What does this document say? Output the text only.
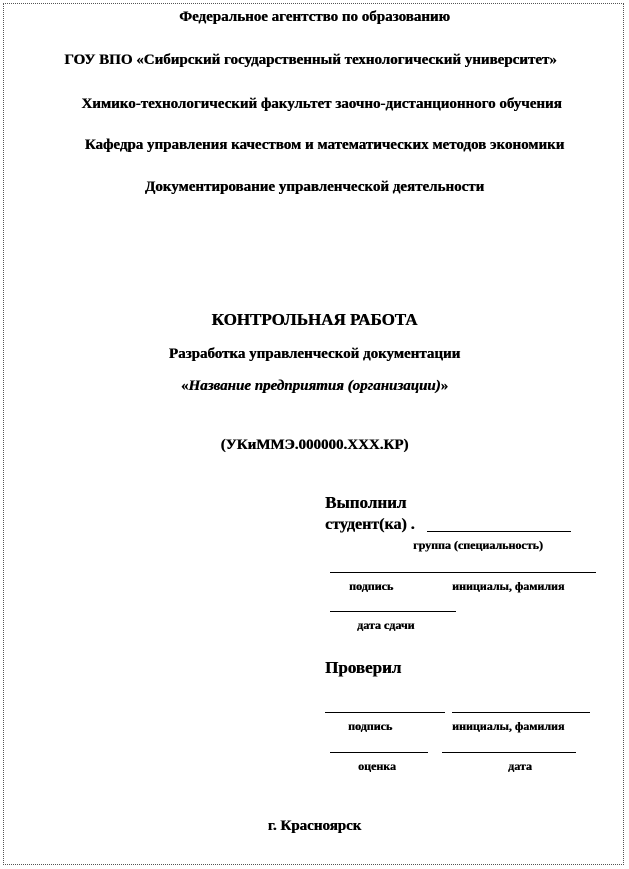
Федеральное агентство по образованию
ГОУ ВПО «Сибирский государственный технологический университет»
Химико-технологический факультет заочно-дистанционного обучения
Кафедра управления качеством и математических методов экономики
Документирование управленческой деятельности
КОНТРОЛЬНАЯ РАБОТА
Разработка управленческой документации
«Название предприятия (организации)»
(УКиММЭ.000000.ХХХ.КР)
Выполнил
студент(ка) .
группа (специальность)
подпись	инициалы, фамилия
дата сдачи
Проверил
подпись	инициалы, фамилия
оценка	дата
г. Красноярск
